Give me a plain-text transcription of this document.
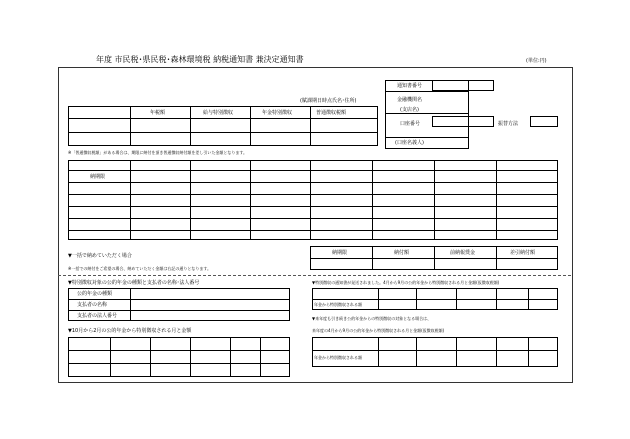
年度 市民税･県民税･森林環境税 納税通知書 兼決定通知書	(単位:円)
通知書番号
金融機関名
(支店名)
口座番号
(口座名義人)
振替方法
(賦課期日時点氏名･住所)
年税額	給与特別徴収	年金特別徴収	普通徴収税額
※「普通徴収税額」がある場合は、期限に納付を頂き普通徴収納付額を差し引いた金額となります。
納期限
▼一括で納めていただく場合
※一括での納付をご希望の場合、納めていただく金額は右記の通りとなります。
納期限	納付額	前納報奨金	差引納付額
▼特別徴収対象の公的年金の種類と支払者の名称･法人番号
公的年金の種類
支払者の名称
支払者の法人番号
▼10月から2月の公的年金から特別徴収される月と金額
▼特別徴収の通知書が発送されました。4月から9月の公的年金から特別徴収される月と金額(仮徴収税額)
年金から特別徴収される額
▼来年度も引き続き公的年金からの特別徴収の対象となる場合は、
来年度の4月から9月の公的年金から特別徴収される月と金額(仮徴収税額)
年金から特別徴収される額
